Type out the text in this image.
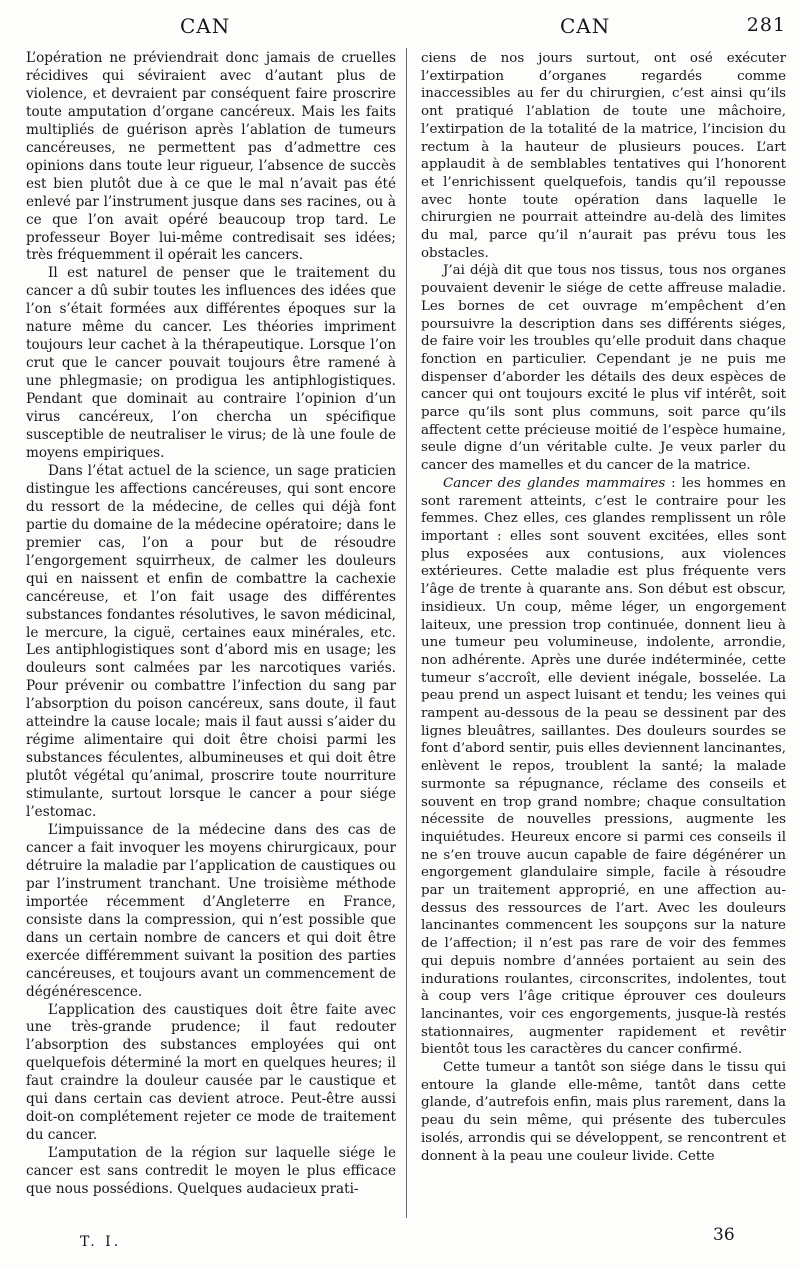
CAN	CAN	281

L’opération ne préviendrait donc jamais de cruelles récidives qui séviraient avec d’autant plus de violence, et devraient par conséquent faire proscrire toute amputation d’organe cancéreux. Mais les faits multipliés de guérison après l’ablation de tumeurs cancéreuses, ne permettent pas d’admettre ces opinions dans toute leur rigueur, l’absence de succès est bien plutôt due à ce que le mal n’avait pas été enlevé par l’instrument jusque dans ses racines, ou à ce que l’on avait opéré beaucoup trop tard. Le professeur Boyer lui-même contredisait ses idées; très fréquemment il opérait les cancers.

Il est naturel de penser que le traitement du cancer a dû subir toutes les influences des idées que l’on s’était formées aux différentes époques sur la nature même du cancer. Les théories impriment toujours leur cachet à la thérapeutique. Lorsque l’on crut que le cancer pouvait toujours être ramené à une phlegmasie; on prodigua les antiphlogistiques. Pendant que dominait au contraire l’opinion d’un virus cancéreux, l’on chercha un spécifique susceptible de neutraliser le virus; de là une foule de moyens empiriques.

Dans l’état actuel de la science, un sage praticien distingue les affections cancéreuses, qui sont encore du ressort de la médecine, de celles qui déjà font partie du domaine de la médecine opératoire; dans le premier cas, l’on a pour but de résoudre l’engorgement squirrheux, de calmer les douleurs qui en naissent et enfin de combattre la cachexie cancéreuse, et l’on fait usage des différentes substances fondantes résolutives, le savon médicinal, le mercure, la ciguë, certaines eaux minérales, etc. Les antiphlogistiques sont d’abord mis en usage; les douleurs sont calmées par les narcotiques variés. Pour prévenir ou combattre l’infection du sang par l’absorption du poison cancéreux, sans doute, il faut atteindre la cause locale; mais il faut aussi s’aider du régime alimentaire qui doit être choisi parmi les substances féculentes, albumineuses et qui doit être plutôt végétal qu’animal, proscrire toute nourriture stimulante, surtout lorsque le cancer a pour siége l’estomac.

L’impuissance de la médecine dans des cas de cancer a fait invoquer les moyens chirurgicaux, pour détruire la maladie par l’application de caustiques ou par l’instrument tranchant. Une troisième méthode importée récemment d’Angleterre en France, consiste dans la compression, qui n’est possible que dans un certain nombre de cancers et qui doit être exercée différemment suivant la position des parties cancéreuses, et toujours avant un commencement de dégénérescence.

L’application des caustiques doit être faite avec une très-grande prudence; il faut redouter l’absorption des substances employées qui ont quelquefois déterminé la mort en quelques heures; il faut craindre la douleur causée par le caustique et qui dans certain cas devient atroce. Peut-être aussi doit-on complétement rejeter ce mode de traitement du cancer.

L’amputation de la région sur laquelle siége le cancer est sans contredit le moyen le plus efficace que nous possédions. Quelques audacieux prati-

ciens de nos jours surtout, ont osé exécuter l’extirpation d’organes regardés comme inaccessibles au fer du chirurgien, c’est ainsi qu’ils ont pratiqué l’ablation de toute une mâchoire, l’extirpation de la totalité de la matrice, l’incision du rectum à la hauteur de plusieurs pouces. L’art applaudit à de semblables tentatives qui l’honorent et l’enrichissent quelquefois, tandis qu’il repousse avec honte toute opération dans laquelle le chirurgien ne pourrait atteindre au-delà des limites du mal, parce qu’il n’aurait pas prévu tous les obstacles.

J’ai déjà dit que tous nos tissus, tous nos organes pouvaient devenir le siége de cette affreuse maladie. Les bornes de cet ouvrage m’empêchent d’en poursuivre la description dans ses différents siéges, de faire voir les troubles qu’elle produit dans chaque fonction en particulier. Cependant je ne puis me dispenser d’aborder les détails des deux espèces de cancer qui ont toujours excité le plus vif intérêt, soit parce qu’ils sont plus communs, soit parce qu’ils affectent cette précieuse moitié de l’espèce humaine, seule digne d’un véritable culte. Je veux parler du cancer des mamelles et du cancer de la matrice.

Cancer des glandes mammaires : les hommes en sont rarement atteints, c’est le contraire pour les femmes. Chez elles, ces glandes remplissent un rôle important : elles sont souvent excitées, elles sont plus exposées aux contusions, aux violences extérieures. Cette maladie est plus fréquente vers l’âge de trente à quarante ans. Son début est obscur, insidieux. Un coup, même léger, un engorgement laiteux, une pression trop continuée, donnent lieu à une tumeur peu volumineuse, indolente, arrondie, non adhérente. Après une durée indéterminée, cette tumeur s’accroît, elle devient inégale, bosselée. La peau prend un aspect luisant et tendu; les veines qui rampent au-dessous de la peau se dessinent par des lignes bleuâtres, saillantes. Des douleurs sourdes se font d’abord sentir, puis elles deviennent lancinantes, enlèvent le repos, troublent la santé; la malade surmonte sa répugnance, réclame des conseils et souvent en trop grand nombre; chaque consultation nécessite de nouvelles pressions, augmente les inquiétudes. Heureux encore si parmi ces conseils il ne s’en trouve aucun capable de faire dégénérer un engorgement glandulaire simple, facile à résoudre par un traitement approprié, en une affection au-dessus des ressources de l’art. Avec les douleurs lancinantes commencent les soupçons sur la nature de l’affection; il n’est pas rare de voir des femmes qui depuis nombre d’années portaient au sein des indurations roulantes, circonscrites, indolentes, tout à coup vers l’âge critique éprouver ces douleurs lancinantes, voir ces engorgements, jusque-là restés stationnaires, augmenter rapidement et revêtir bientôt tous les caractères du cancer confirmé.

Cette tumeur a tantôt son siége dans le tissu qui entoure la glande elle-même, tantôt dans cette glande, d’autrefois enfin, mais plus rarement, dans la peau du sein même, qui présente des tubercules isolés, arrondis qui se développent, se rencontrent et donnent à la peau une couleur livide. Cette

T. I.	36
